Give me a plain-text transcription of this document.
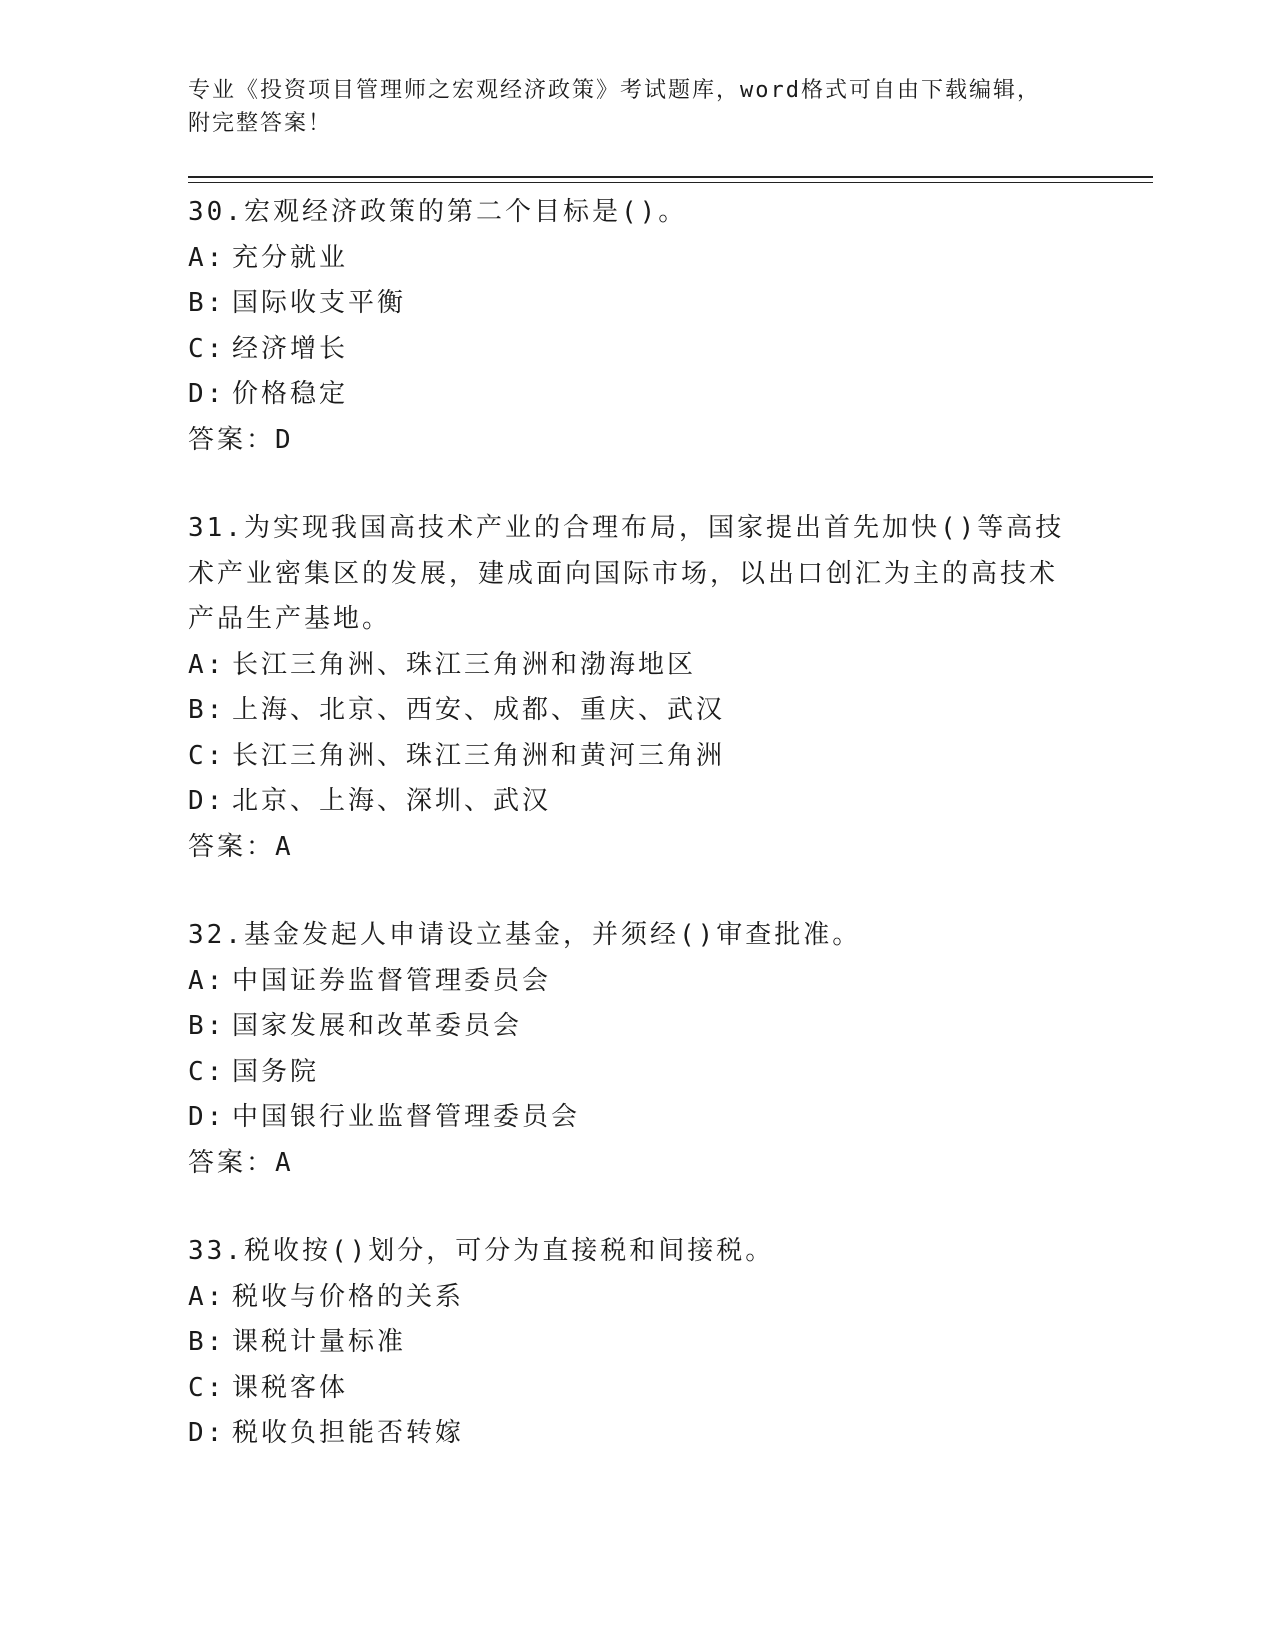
专业《投资项目管理师之宏观经济政策》考试题库，word格式可自由下载编辑，
附完整答案！
30.宏观经济政策的第二个目标是()。
A: 充分就业
B: 国际收支平衡
C: 经济增长
D: 价格稳定
答案：D
31.为实现我国高技术产业的合理布局，国家提出首先加快()等高技术产业密集区的发展，建成面向国际市场，以出口创汇为主的高技术产品生产基地。
A: 长江三角洲、珠江三角洲和渤海地区
B: 上海、北京、西安、成都、重庆、武汉
C: 长江三角洲、珠江三角洲和黄河三角洲
D: 北京、上海、深圳、武汉
答案：A
32.基金发起人申请设立基金，并须经()审查批准。
A: 中国证券监督管理委员会
B: 国家发展和改革委员会
C: 国务院
D: 中国银行业监督管理委员会
答案：A
33.税收按()划分，可分为直接税和间接税。
A: 税收与价格的关系
B: 课税计量标准
C: 课税客体
D: 税收负担能否转嫁
